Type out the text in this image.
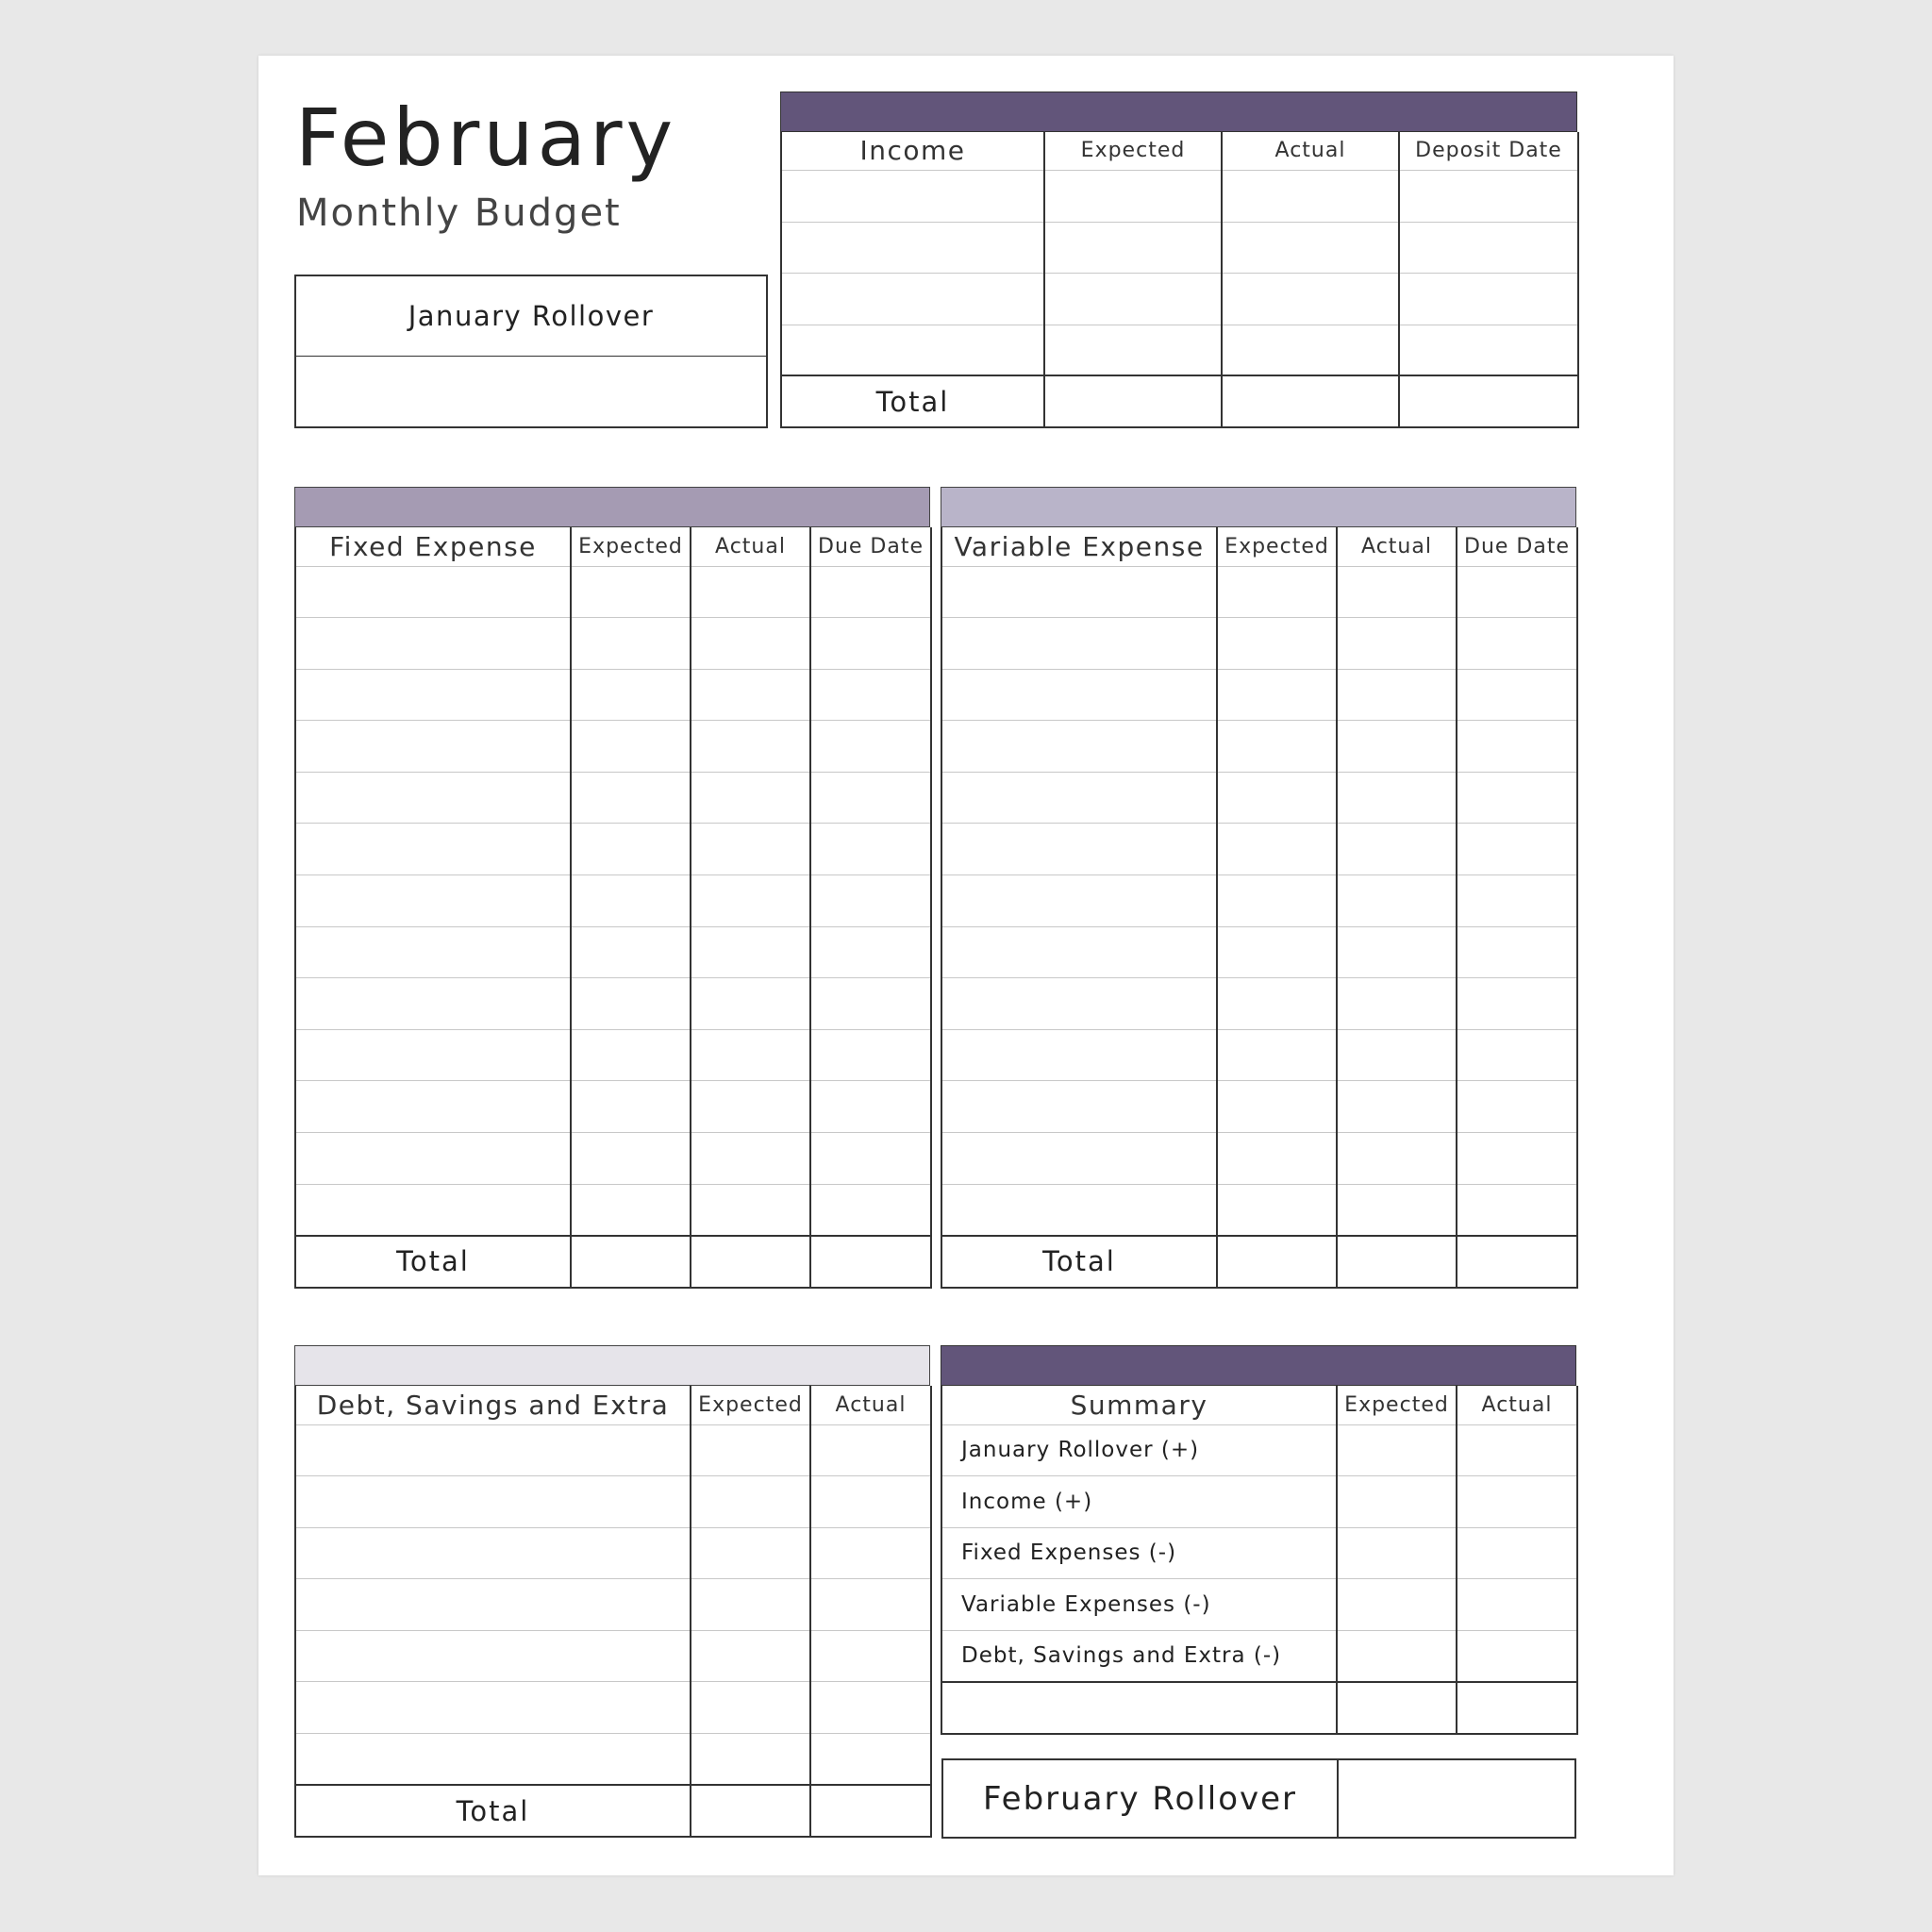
February
Monthly Budget
January Rollover
Income	Expected	Actual	Deposit Date

Total			
Fixed Expense	Expected	Actual	Due Date

Total			
Variable Expense	Expected	Actual	Due Date

Total			
Debt, Savings and Extra	Expected	Actual

Total		
Summary	Expected	Actual
January Rollover (+)		
Income (+)		
Fixed Expenses (-)		
Variable Expenses (-)		
Debt, Savings and Extra (-)		

February Rollover
